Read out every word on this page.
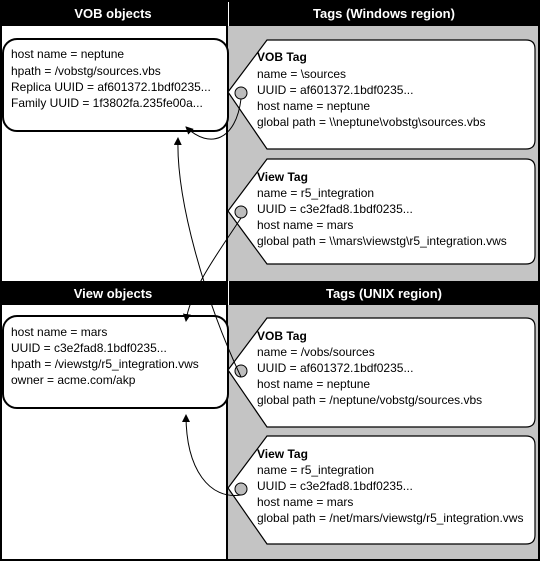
VOB objects	Tags (Windows region)
View objects	Tags (UNIX region)
host name = neptune
hpath = /vobstg/sources.vbs
Replica UUID = af601372.1bdf0235...
Family UUID = 1f3802fa.235fe00a...
host name = mars
UUID = c3e2fad8.1bdf0235...
hpath = /viewstg/r5_integration.vws
owner = acme.com/akp
VOB Tag
name = \sources
UUID = af601372.1bdf0235...
host name = neptune
global path = \\neptune\vobstg\sources.vbs
View Tag
name = r5_integration
UUID = c3e2fad8.1bdf0235...
host name = mars
global path = \\mars\viewstg\r5_integration.vws
VOB Tag
name = /vobs/sources
UUID = af601372.1bdf0235...
host name = neptune
global path = /neptune/vobstg/sources.vbs
View Tag
name = r5_integration
UUID = c3e2fad8.1bdf0235...
host name = mars
global path = /net/mars/viewstg/r5_integration.vws
